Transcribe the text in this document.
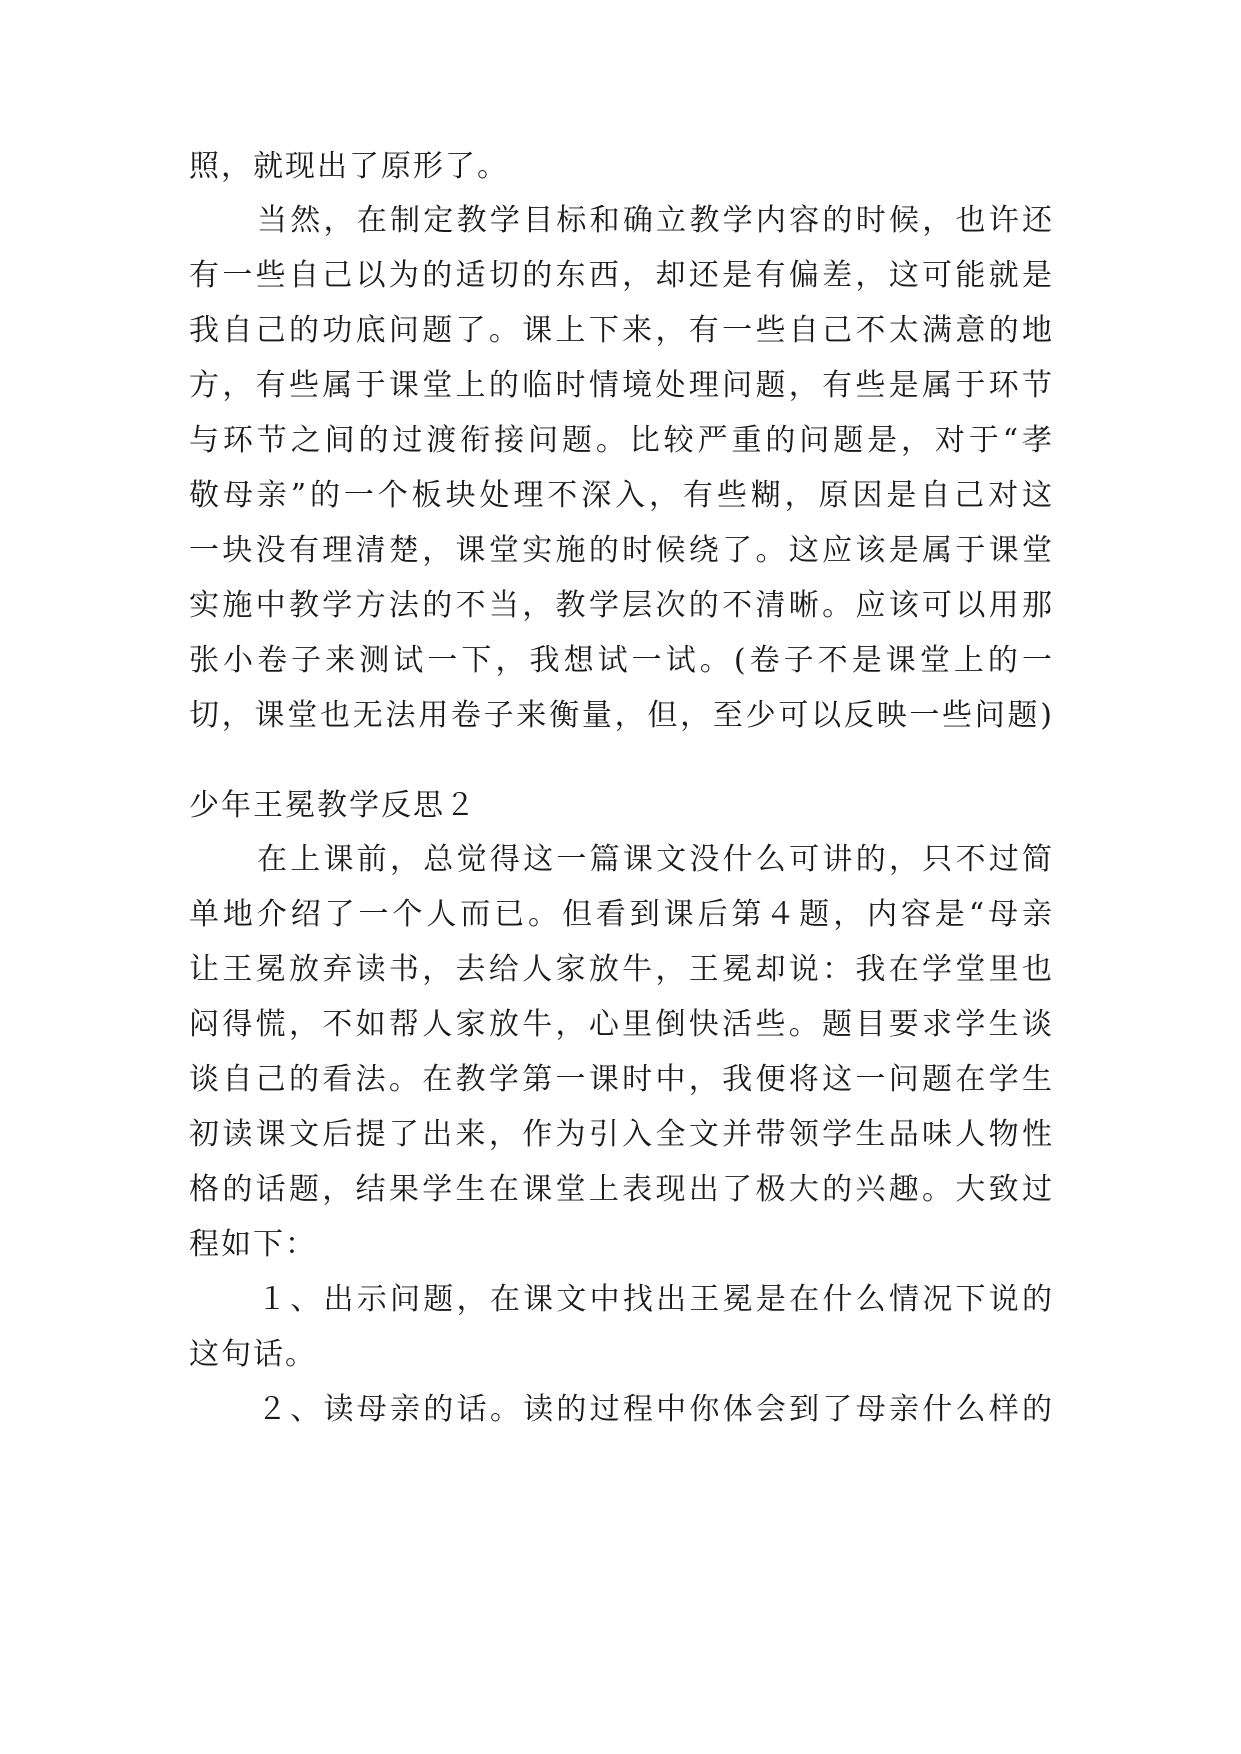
照，就现出了原形了。
当然，在制定教学目标和确立教学内容的时候，也许还
有一些自己以为的适切的东西，却还是有偏差，这可能就是
我自己的功底问题了。课上下来，有一些自己不太满意的地
方，有些属于课堂上的临时情境处理问题，有些是属于环节
与环节之间的过渡衔接问题。比较严重的问题是，对于“孝
敬母亲”的一个板块处理不深入，有些糊，原因是自己对这
一块没有理清楚，课堂实施的时候绕了。这应该是属于课堂
实施中教学方法的不当，教学层次的不清晰。应该可以用那
张小卷子来测试一下，我想试一试。(卷子不是课堂上的一
切，课堂也无法用卷子来衡量，但，至少可以反映一些问题)
少年王冕教学反思２
在上课前，总觉得这一篇课文没什么可讲的，只不过简
单地介绍了一个人而已。但看到课后第４题，内容是“母亲
让王冕放弃读书，去给人家放牛，王冕却说：我在学堂里也
闷得慌，不如帮人家放牛，心里倒快活些。题目要求学生谈
谈自己的看法。在教学第一课时中，我便将这一问题在学生
初读课文后提了出来，作为引入全文并带领学生品味人物性
格的话题，结果学生在课堂上表现出了极大的兴趣。大致过
程如下：
１、出示问题，在课文中找出王冕是在什么情况下说的
这句话。
２、读母亲的话。读的过程中你体会到了母亲什么样的
